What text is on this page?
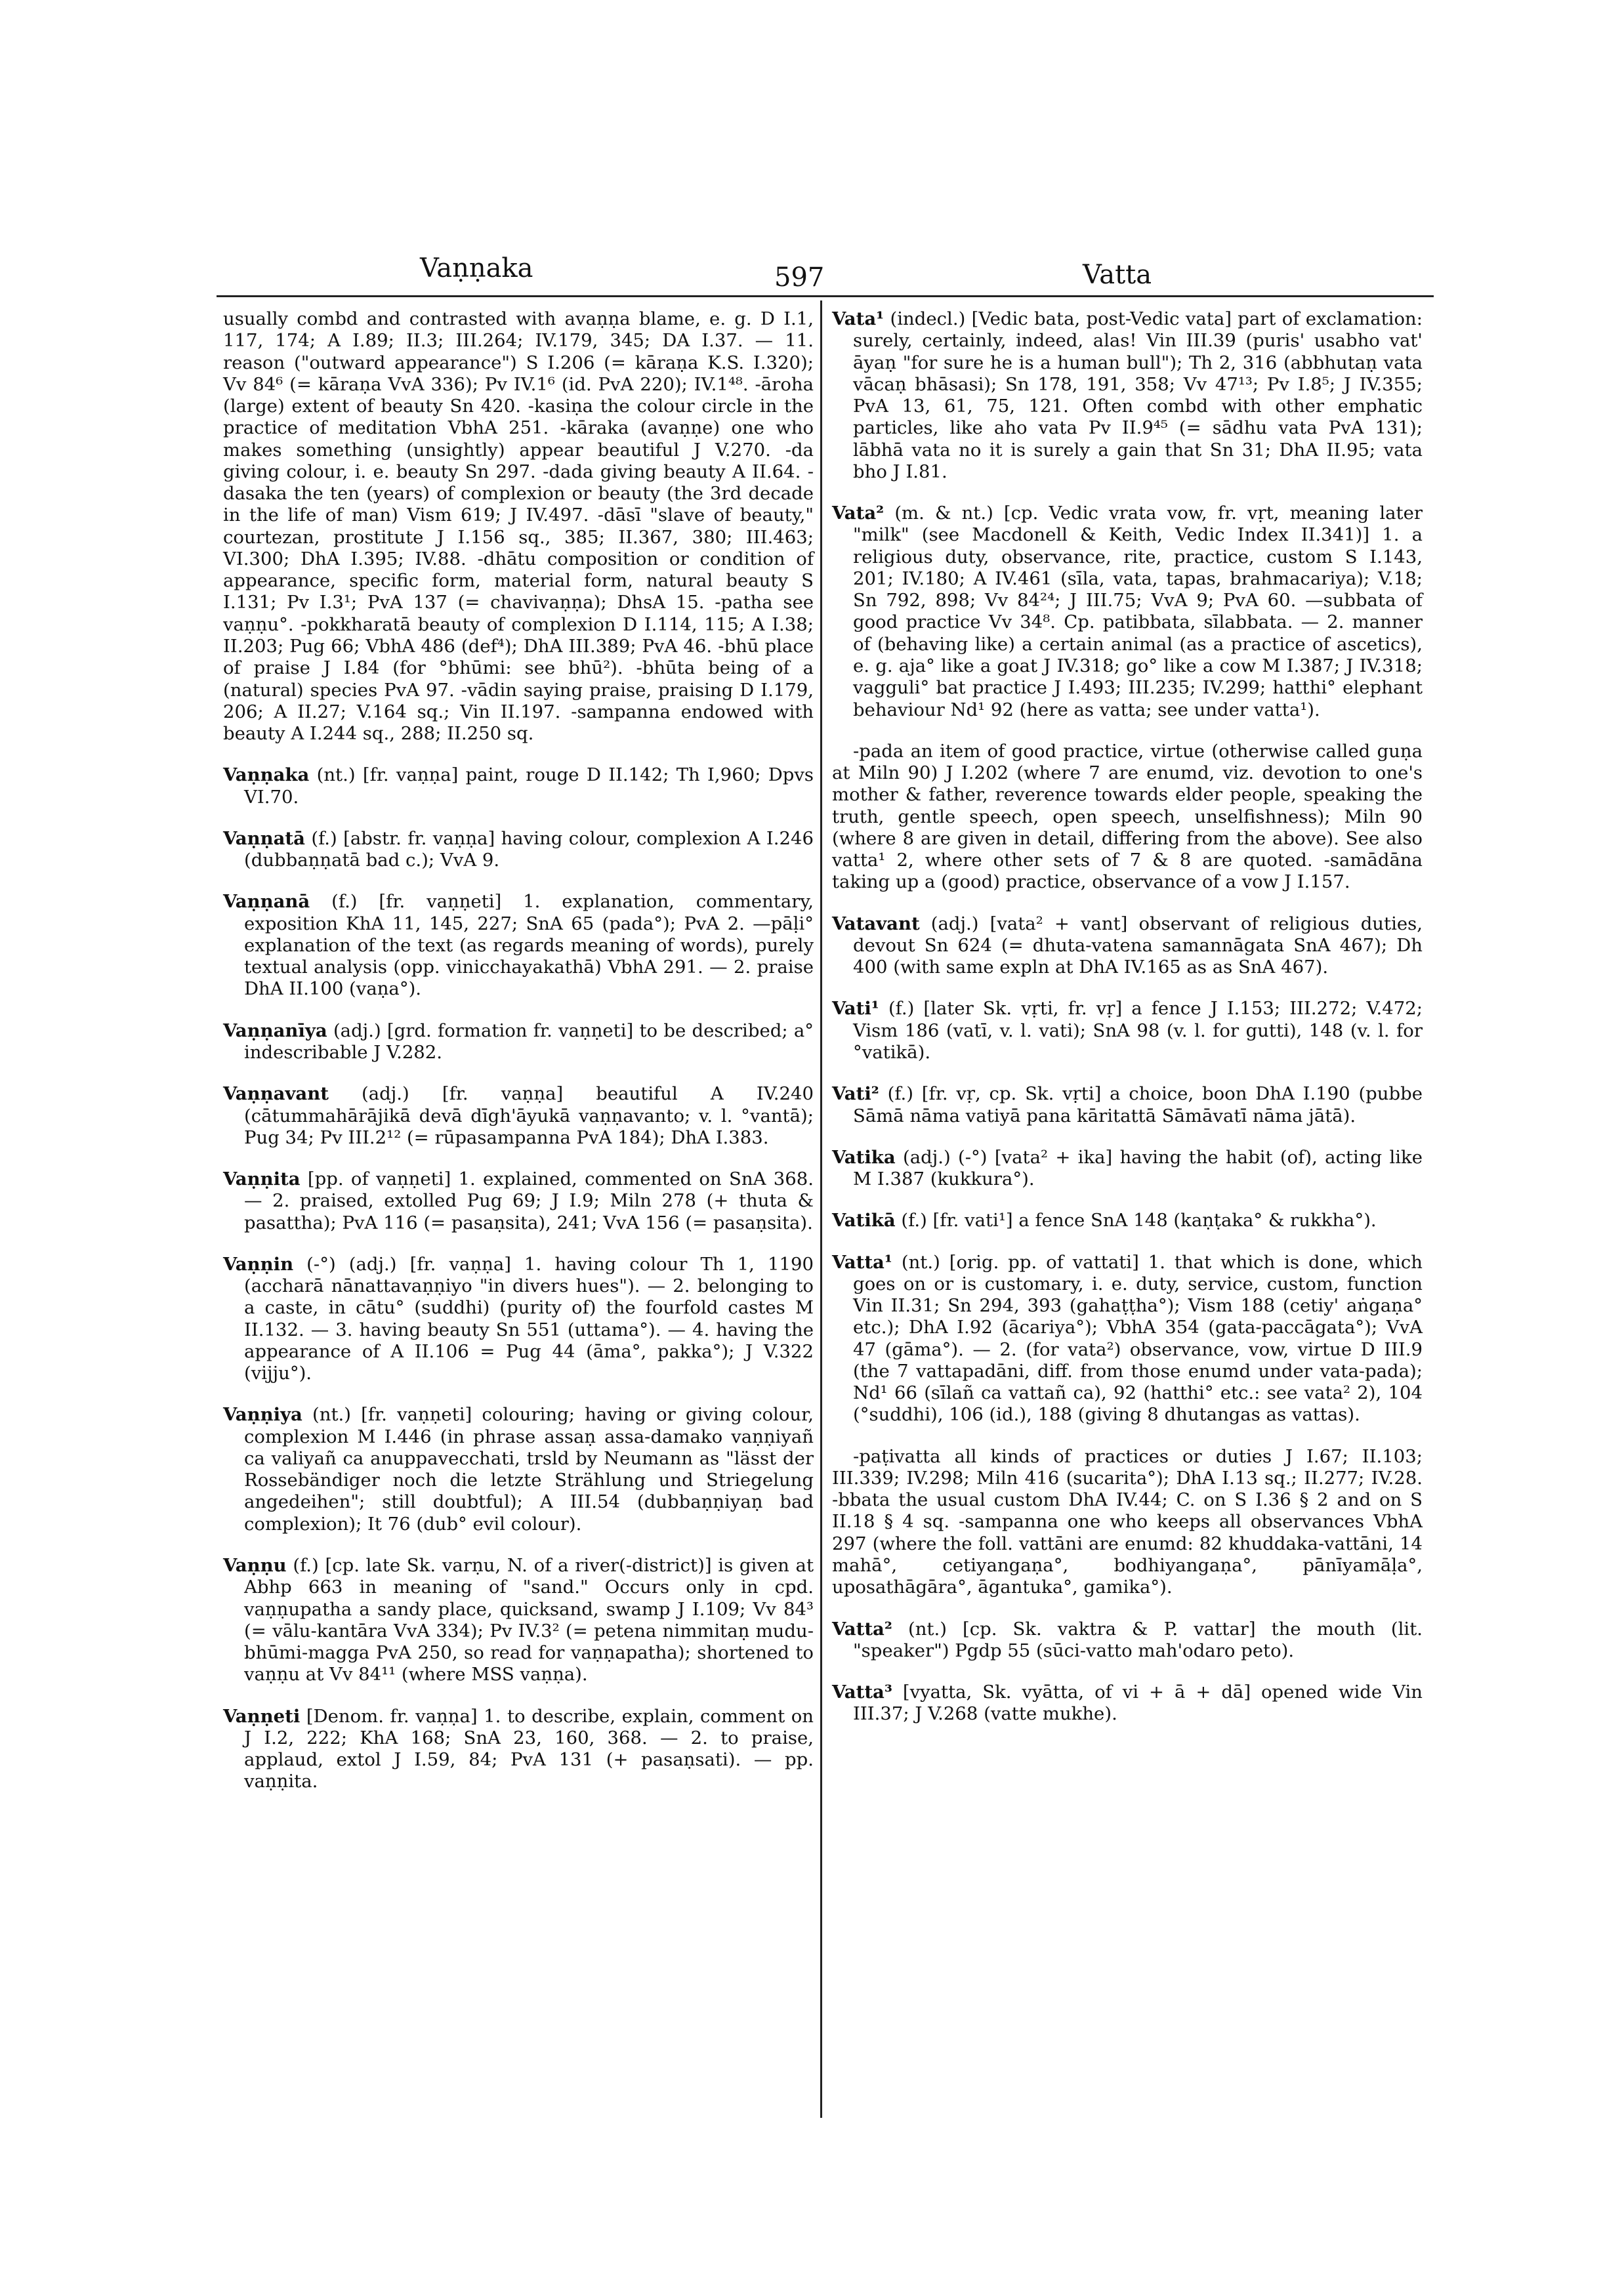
Vaṇṇaka	597	Vatta

usually combd and contrasted with avaṇṇa blame, e. g. D I.1, 117, 174; A I.89; II.3; III.264; IV.179, 345; DA I.37. — 11. reason ("outward appearance") S I.206 (= kāraṇa K.S. I.320); Vv 84⁶ (= kāraṇa VvA 336); Pv IV.1⁶ (id. PvA 220); IV.1⁴⁸. -āroha (large) extent of beauty Sn 420. -kasiṇa the colour circle in the practice of meditation VbhA 251. -kāraka (avaṇṇe) one who makes something (unsightly) appear beautiful J V.270. -da giving colour, i. e. beauty Sn 297. -dada giving beauty A II.64. -dasaka the ten (years) of complexion or beauty (the 3rd decade in the life of man) Vism 619; J IV.497. -dāsī "slave of beauty," courtezan, prostitute J I.156 sq., 385; II.367, 380; III.463; VI.300; DhA I.395; IV.88. -dhātu composition or condition of appearance, specific form, material form, natural beauty S I.131; Pv I.3¹; PvA 137 (= chavivaṇṇa); DhsA 15. -patha see vaṇṇu°. -pokkharatā beauty of complexion D I.114, 115; A I.38; II.203; Pug 66; VbhA 486 (def⁴); DhA III.389; PvA 46. -bhū place of praise J I.84 (for °bhūmi: see bhū²). -bhūta being of a (natural) species PvA 97. -vādin saying praise, praising D I.179, 206; A II.27; V.164 sq.; Vin II.197. -sampanna endowed with beauty A I.244 sq., 288; II.250 sq.

Vaṇṇaka (nt.) [fr. vaṇṇa] paint, rouge D II.142; Th I,960; Dpvs VI.70.

Vaṇṇatā (f.) [abstr. fr. vaṇṇa] having colour, complexion A I.246 (dubbaṇṇatā bad c.); VvA 9.

Vaṇṇanā (f.) [fr. vaṇṇeti] 1. explanation, commentary, exposition KhA 11, 145, 227; SnA 65 (pada°); PvA 2. —pāḷi° explanation of the text (as regards meaning of words), purely textual analysis (opp. vinicchayakathā) VbhA 291. — 2. praise DhA II.100 (vaṇa°).

Vaṇṇanīya (adj.) [grd. formation fr. vaṇṇeti] to be described; a° indescribable J V.282.

Vaṇṇavant (adj.) [fr. vaṇṇa] beautiful A IV.240 (cātummahārājikā devā dīgh'āyukā vaṇṇavanto; v. l. °vantā); Pug 34; Pv III.2¹² (= rūpasampanna PvA 184); DhA I.383.

Vaṇṇita [pp. of vaṇṇeti] 1. explained, commented on SnA 368. — 2. praised, extolled Pug 69; J I.9; Miln 278 (+ thuta & pasattha); PvA 116 (= pasaṇsita), 241; VvA 156 (= pasaṇsita).

Vaṇṇin (-°) (adj.) [fr. vaṇṇa] 1. having colour Th 1, 1190 (accharā nānattavaṇṇiyo "in divers hues"). — 2. belonging to a caste, in cātu° (suddhi) (purity of) the fourfold castes M II.132. — 3. having beauty Sn 551 (uttama°). — 4. having the appearance of A II.106 = Pug 44 (āma°, pakka°); J V.322 (vijju°).

Vaṇṇiya (nt.) [fr. vaṇṇeti] colouring; having or giving colour, complexion M I.446 (in phrase assaṇ assa-damako vaṇṇiyañ ca valiyañ ca anuppavecchati, trsld by Neumann as "lässt der Rossebändiger noch die letzte Strählung und Striegelung angedeihen"; still doubtful); A III.54 (dubbaṇṇiyaṇ bad complexion); It 76 (dub° evil colour).

Vaṇṇu (f.) [cp. late Sk. varṇu, N. of a river(-district)] is given at Abhp 663 in meaning of "sand." Occurs only in cpd. vaṇṇupatha a sandy place, quicksand, swamp J I.109; Vv 84³ (= vālu-kantāra VvA 334); Pv IV.3² (= petena nimmitaṇ mudu-bhūmi-magga PvA 250, so read for vaṇṇapatha); shortened to vaṇṇu at Vv 84¹¹ (where MSS vaṇṇa).

Vaṇṇeti [Denom. fr. vaṇṇa] 1. to describe, explain, comment on J I.2, 222; KhA 168; SnA 23, 160, 368. — 2. to praise, applaud, extol J I.59, 84; PvA 131 (+ pasaṇsati). — pp. vaṇṇita.

Vata¹ (indecl.) [Vedic bata, post-Vedic vata] part of exclamation: surely, certainly, indeed, alas! Vin III.39 (puris' usabho vat' āyaṇ "for sure he is a human bull"); Th 2, 316 (abbhutaṇ vata vācaṇ bhāsasi); Sn 178, 191, 358; Vv 47¹³; Pv I.8⁵; J IV.355; PvA 13, 61, 75, 121. Often combd with other emphatic particles, like aho vata Pv II.9⁴⁵ (= sādhu vata PvA 131); lābhā vata no it is surely a gain that Sn 31; DhA II.95; vata bho J I.81.

Vata² (m. & nt.) [cp. Vedic vrata vow, fr. vṛt, meaning later "milk" (see Macdonell & Keith, Vedic Index II.341)] 1. a religious duty, observance, rite, practice, custom S I.143, 201; IV.180; A IV.461 (sīla, vata, tapas, brahmacariya); V.18; Sn 792, 898; Vv 84²⁴; J III.75; VvA 9; PvA 60. —subbata of good practice Vv 34⁸. Cp. patibbata, sīlabbata. — 2. manner of (behaving like) a certain animal (as a practice of ascetics), e. g. aja° like a goat J IV.318; go° like a cow M I.387; J IV.318; vagguli° bat practice J I.493; III.235; IV.299; hatthi° elephant behaviour Nd¹ 92 (here as vatta; see under vatta¹).

-pada an item of good practice, virtue (otherwise called guṇa at Miln 90) J I.202 (where 7 are enumd, viz. devotion to one's mother & father, reverence towards elder people, speaking the truth, gentle speech, open speech, unselfishness); Miln 90 (where 8 are given in detail, differing from the above). See also vatta¹ 2, where other sets of 7 & 8 are quoted. -samādāna taking up a (good) practice, observance of a vow J I.157.

Vatavant (adj.) [vata² + vant] observant of religious duties, devout Sn 624 (= dhuta-vatena samannāgata SnA 467); Dh 400 (with same expln at DhA IV.165 as as SnA 467).

Vati¹ (f.) [later Sk. vṛti, fr. vṛ] a fence J I.153; III.272; V.472; Vism 186 (vatī, v. l. vati); SnA 98 (v. l. for gutti), 148 (v. l. for °vatikā).

Vati² (f.) [fr. vṛ, cp. Sk. vṛti] a choice, boon DhA I.190 (pubbe Sāmā nāma vatiyā pana kāritattā Sāmāvatī nāma jātā).

Vatika (adj.) (-°) [vata² + ika] having the habit (of), acting like M I.387 (kukkura°).

Vatikā (f.) [fr. vati¹] a fence SnA 148 (kaṇṭaka° & rukkha°).

Vatta¹ (nt.) [orig. pp. of vattati] 1. that which is done, which goes on or is customary, i. e. duty, service, custom, function Vin II.31; Sn 294, 393 (gahaṭṭha°); Vism 188 (cetiy' aṅgaṇa° etc.); DhA I.92 (ācariya°); VbhA 354 (gata-paccāgata°); VvA 47 (gāma°). — 2. (for vata²) observance, vow, virtue D III.9 (the 7 vattapadāni, diff. from those enumd under vata-pada); Nd¹ 66 (sīlañ ca vattañ ca), 92 (hatthi° etc.: see vata² 2), 104 (°suddhi), 106 (id.), 188 (giving 8 dhutangas as vattas).

-paṭivatta all kinds of practices or duties J I.67; II.103; III.339; IV.298; Miln 416 (sucarita°); DhA I.13 sq.; II.277; IV.28. -bbata the usual custom DhA IV.44; C. on S I.36 § 2 and on S II.18 § 4 sq. -sampanna one who keeps all observances VbhA 297 (where the foll. vattāni are enumd: 82 khuddaka-vattāni, 14 mahā°, cetiyangaṇa°, bodhiyangaṇa°, pānīyamāḷa°, uposathāgāra°, āgantuka°, gamika°).

Vatta² (nt.) [cp. Sk. vaktra & P. vattar] the mouth (lit. "speaker") Pgdp 55 (sūci-vatto mah'odaro peto).

Vatta³ [vyatta, Sk. vyātta, of vi + ā + dā] opened wide Vin III.37; J V.268 (vatte mukhe).
